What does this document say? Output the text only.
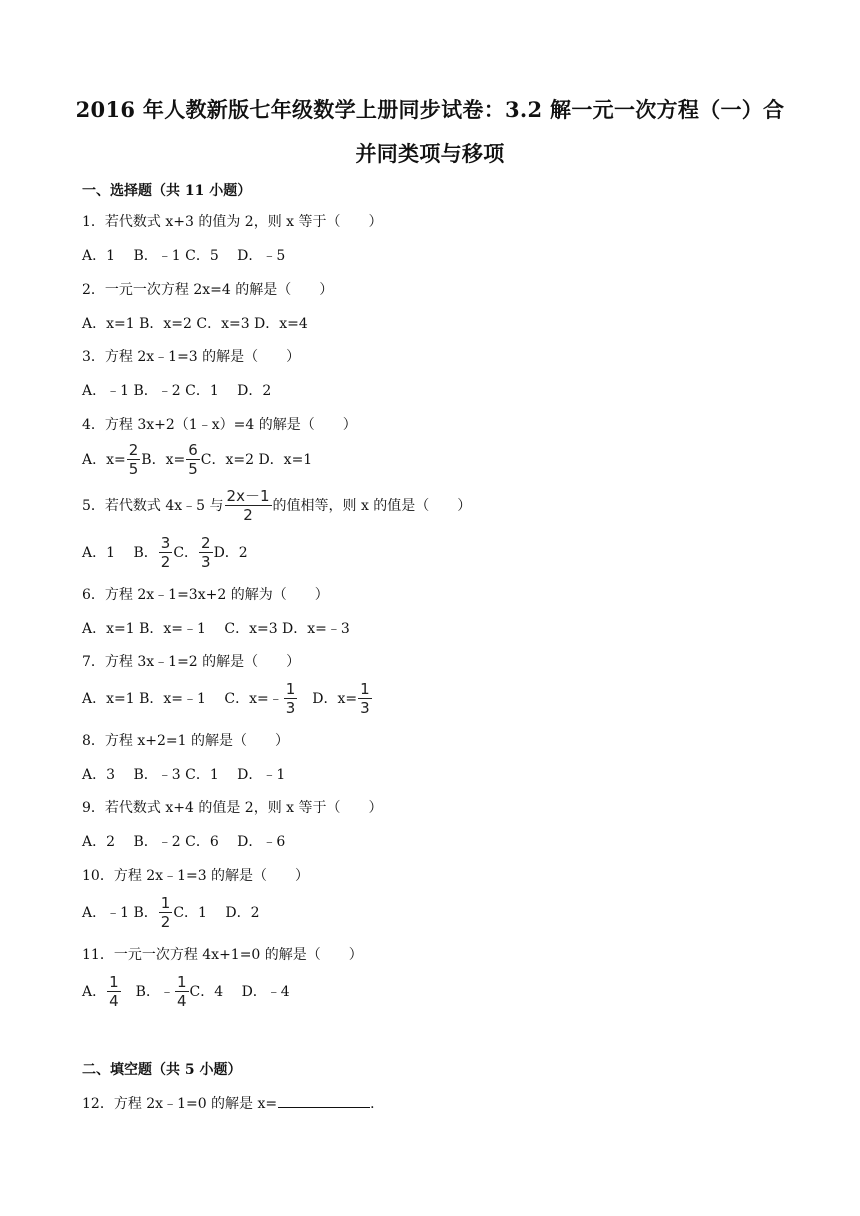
2016 年人教新版七年级数学上册同步试卷：3.2 解一元一次方程（一）合
并同类项与移项
一、选择题（共 11 小题）
1．若代数式 x+3 的值为 2，则 x 等于（　　）
A．1　 B．﹣1 C．5　 D．﹣5
2．一元一次方程 2x=4 的解是（　　）
A．x=1 B．x=2 C．x=3 D．x=4
3．方程 2x﹣1=3 的解是（　　）
A．﹣1 B．﹣2 C．1　 D．2
4．方程 3x+2（1﹣x）=4 的解是（　　）
A．$x= \frac{2}{5}$ B．$x= \frac{6}{5}$ C．x=2 D．x=1
5．若代数式 4x﹣5 与 $\frac{2x-1}{2}$ 的值相等，则 x 的值是（　　）
A．1　 B． $\frac{3}{2}$ C． $\frac{2}{3}$ D．2
6．方程 2x﹣1=3x+2 的解为（　　）
A．x=1 B．x=﹣1　 C．x=3 D．x=﹣3
7．方程 3x﹣1=2 的解是（　　）
A．x=1 B．x=﹣1　 C．x=﹣ $\frac{1}{3}$ 　D．$x= \frac{1}{3}$
8．方程 x+2=1 的解是（　　）
A．3　 B．﹣3 C．1　 D．﹣1
9．若代数式 x+4 的值是 2，则 x 等于（　　）
A．2　 B．﹣2 C．6　 D．﹣6
10．方程 2x﹣1=3 的解是（　　）
A．﹣1 B． $\frac{1}{2}$ C．1　 D．2
11．一元一次方程 4x+1=0 的解是（　　）
A． $\frac{1}{4}$ 　B．﹣ $\frac{1}{4}$ C．4　 D．﹣4
二、填空题（共 5 小题）
12．方程 2x﹣1=0 的解是 x=	．
